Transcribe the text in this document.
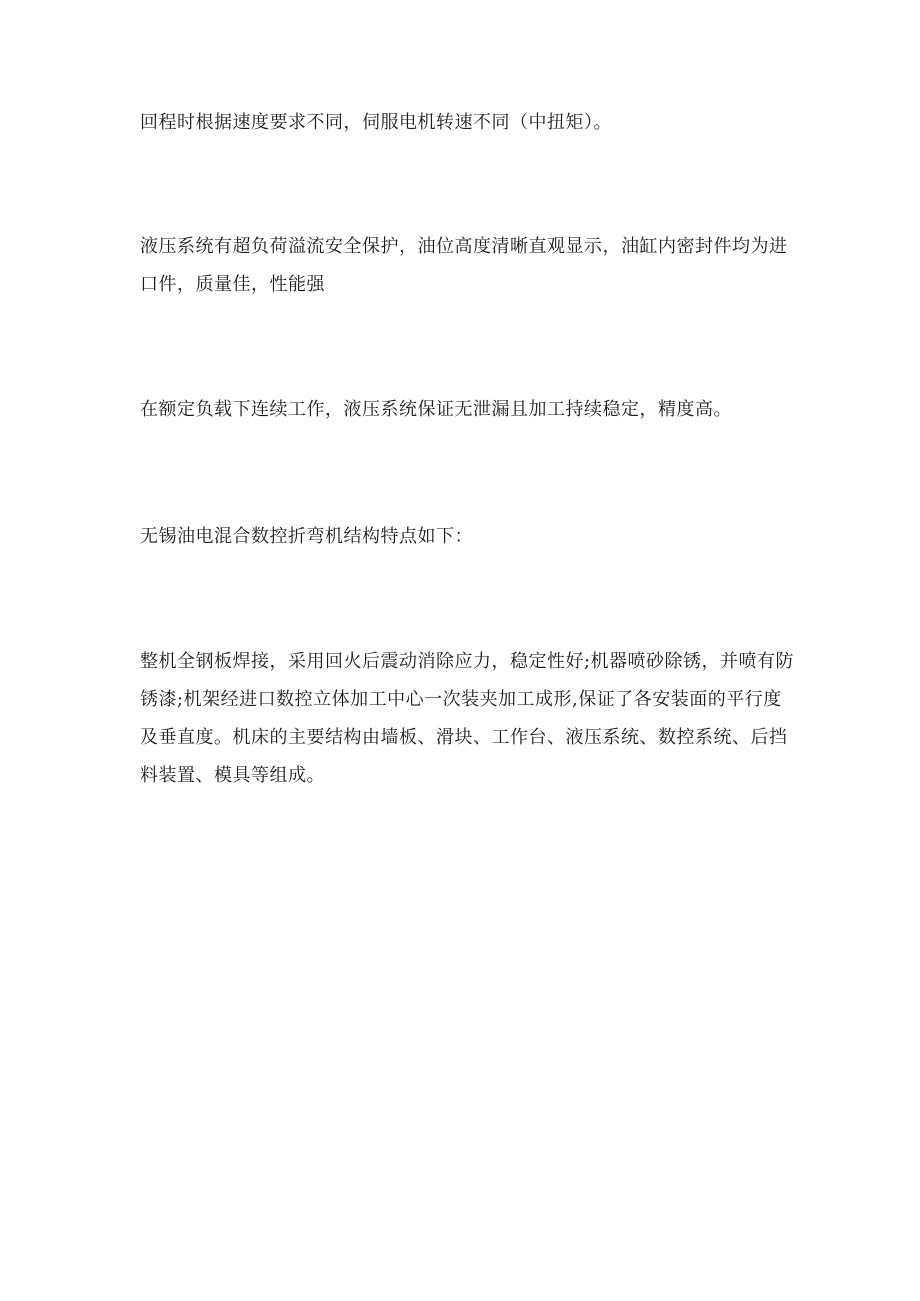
回程时根据速度要求不同，伺服电机转速不同（中扭矩）。

液压系统有超负荷溢流安全保护，油位高度清晰直观显示，油缸内密封件均为进口件，质量佳，性能强

在额定负载下连续工作，液压系统保证无泄漏且加工持续稳定，精度高。

无锡油电混合数控折弯机结构特点如下：

整机全钢板焊接，采用回火后震动消除应力，稳定性好;机器喷砂除锈，并喷有防锈漆;机架经进口数控立体加工中心一次装夹加工成形,保证了各安装面的平行度及垂直度。机床的主要结构由墙板、滑块、工作台、液压系统、数控系统、后挡料装置、模具等组成。
